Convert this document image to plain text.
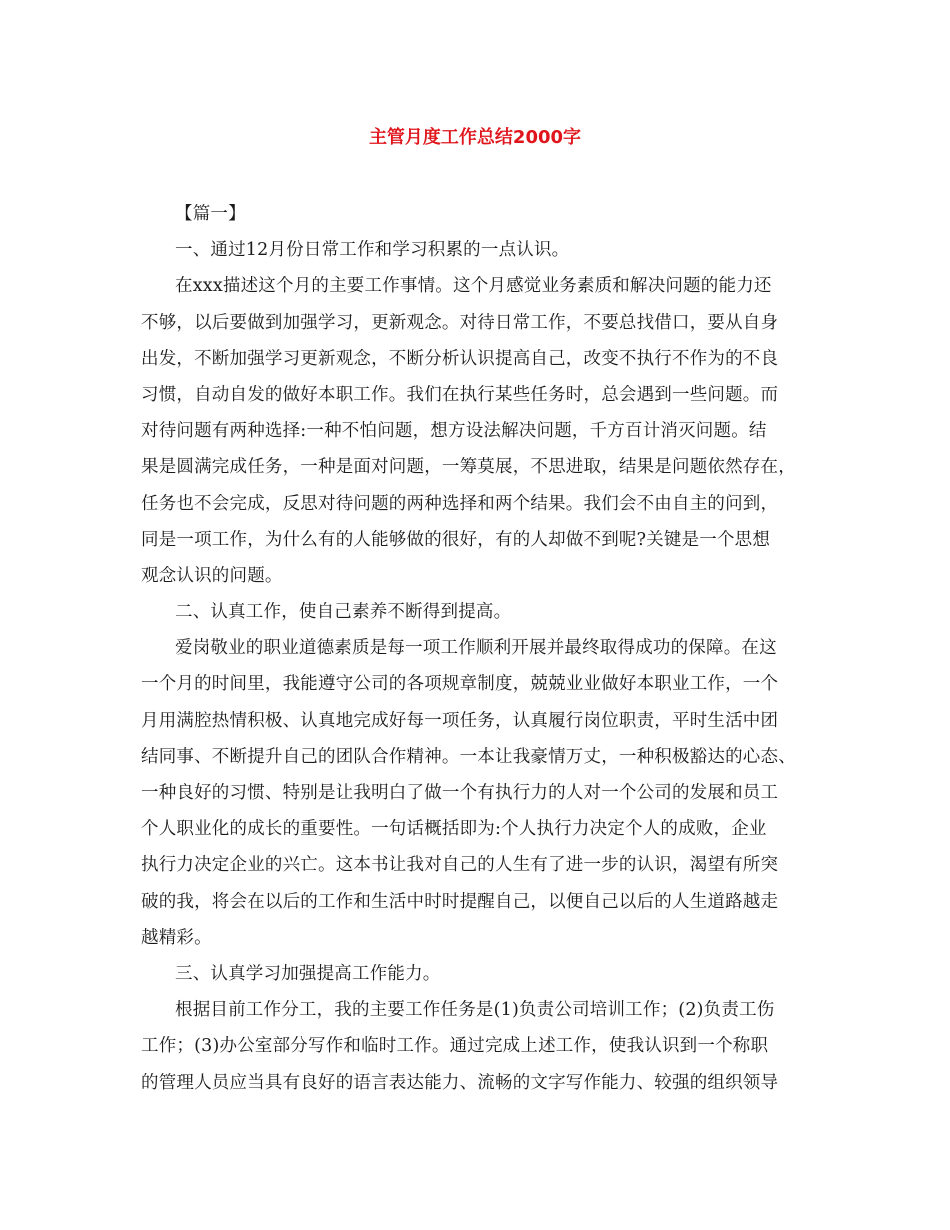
主管月度工作总结2000字

【篇一】

一、通过12月份日常工作和学习积累的一点认识。

在xxx描述这个月的主要工作事情。这个月感觉业务素质和解决问题的能力还

不够，以后要做到加强学习，更新观念。对待日常工作，不要总找借口，要从自身

出发，不断加强学习更新观念，不断分析认识提高自己，改变不执行不作为的不良

习惯，自动自发的做好本职工作。我们在执行某些任务时，总会遇到一些问题。而

对待问题有两种选择:一种不怕问题，想方设法解决问题，千方百计消灭问题。结

果是圆满完成任务，一种是面对问题，一筹莫展，不思进取，结果是问题依然存在，

任务也不会完成，反思对待问题的两种选择和两个结果。我们会不由自主的问到，

同是一项工作，为什么有的人能够做的很好，有的人却做不到呢?关键是一个思想

观念认识的问题。

二、认真工作，使自己素养不断得到提高。

爱岗敬业的职业道德素质是每一项工作顺利开展并最终取得成功的保障。在这

一个月的时间里，我能遵守公司的各项规章制度，兢兢业业做好本职业工作，一个

月用满腔热情积极、认真地完成好每一项任务，认真履行岗位职责，平时生活中团

结同事、不断提升自己的团队合作精神。一本让我豪情万丈，一种积极豁达的心态、

一种良好的习惯、特别是让我明白了做一个有执行力的人对一个公司的发展和员工

个人职业化的成长的重要性。一句话概括即为:个人执行力决定个人的成败，企业

执行力决定企业的兴亡。这本书让我对自己的人生有了进一步的认识，渴望有所突

破的我，将会在以后的工作和生活中时时提醒自己，以便自己以后的人生道路越走

越精彩。

三、认真学习加强提高工作能力。

根据目前工作分工，我的主要工作任务是(1)负责公司培训工作；(2)负责工伤

工作；(3)办公室部分写作和临时工作。通过完成上述工作，使我认识到一个称职

的管理人员应当具有良好的语言表达能力、流畅的文字写作能力、较强的组织领导
